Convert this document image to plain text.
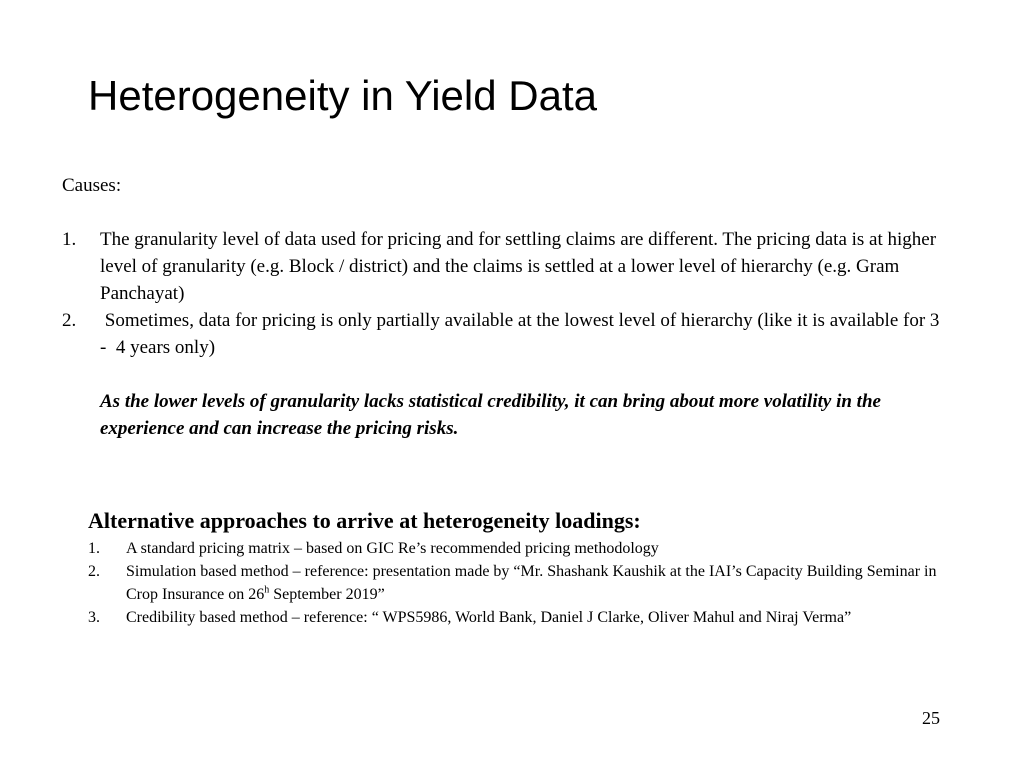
Heterogeneity in Yield Data

Causes:

1. The granularity level of data used for pricing and for settling claims are different. The pricing data is at higher level of granularity (e.g. Block / district) and the claims is settled at a lower level of hierarchy (e.g. Gram Panchayat)

2. Sometimes, data for pricing is only partially available at the lowest level of hierarchy (like it is available for 3 -  4 years only)

As the lower levels of granularity lacks statistical credibility, it can bring about more volatility in the experience and can increase the pricing risks.

Alternative approaches to arrive at heterogeneity loadings:

1. A standard pricing matrix – based on GIC Re’s recommended pricing methodology

2. Simulation based method – reference: presentation made by “Mr. Shashank Kaushik at the IAI’s Capacity Building Seminar in Crop Insurance on 26$^h$ September 2019”

3. Credibility based method – reference: “ WPS5986, World Bank, Daniel J Clarke, Oliver Mahul and Niraj Verma”

25
